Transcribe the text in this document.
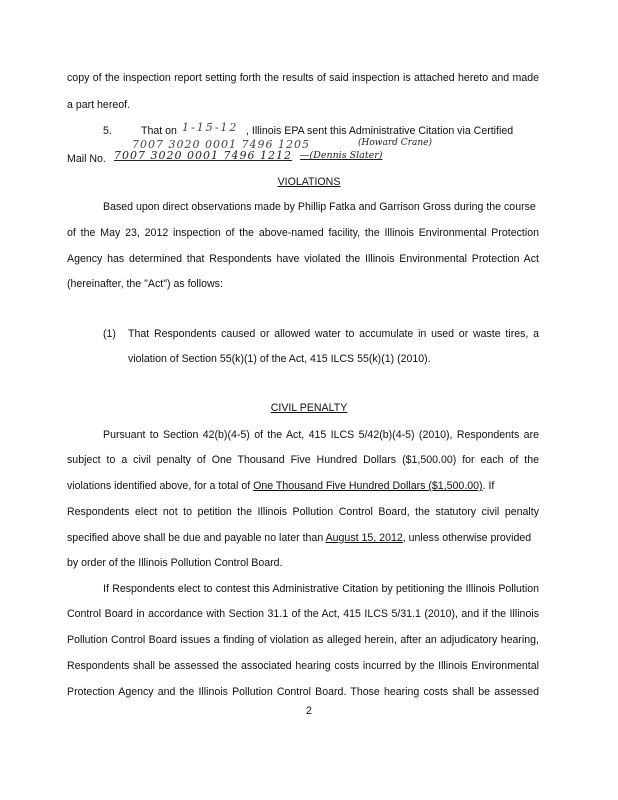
copy of the inspection report setting forth the results of said inspection is attached hereto and made
a part hereof.
5.	That on 1-15-12 , Illinois EPA sent this Administrative Citation via Certified
7007 3020 0001 7496 1205	(Howard Crane)
Mail No. 7007 3020 0001 7496 1212 —(Dennis Slater)
VIOLATIONS
Based upon direct observations made by Phillip Fatka and Garrison Gross during the course
of the May 23, 2012 inspection of the above-named facility, the Illinois Environmental Protection
Agency has determined that Respondents have violated the Illinois Environmental Protection Act
(hereinafter, the "Act") as follows:
(1) That Respondents caused or allowed water to accumulate in used or waste tires, a
violation of Section 55(k)(1) of the Act, 415 ILCS 55(k)(1) (2010).
CIVIL PENALTY
Pursuant to Section 42(b)(4-5) of the Act, 415 ILCS 5/42(b)(4-5) (2010), Respondents are
subject to a civil penalty of One Thousand Five Hundred Dollars ($1,500.00) for each of the
violations identified above, for a total of One Thousand Five Hundred Dollars ($1,500.00). If
Respondents elect not to petition the Illinois Pollution Control Board, the statutory civil penalty
specified above shall be due and payable no later than August 15, 2012, unless otherwise provided
by order of the Illinois Pollution Control Board.
If Respondents elect to contest this Administrative Citation by petitioning the Illinois Pollution
Control Board in accordance with Section 31.1 of the Act, 415 ILCS 5/31.1 (2010), and if the Illinois
Pollution Control Board issues a finding of violation as alleged herein, after an adjudicatory hearing,
Respondents shall be assessed the associated hearing costs incurred by the Illinois Environmental
Protection Agency and the Illinois Pollution Control Board. Those hearing costs shall be assessed
2
